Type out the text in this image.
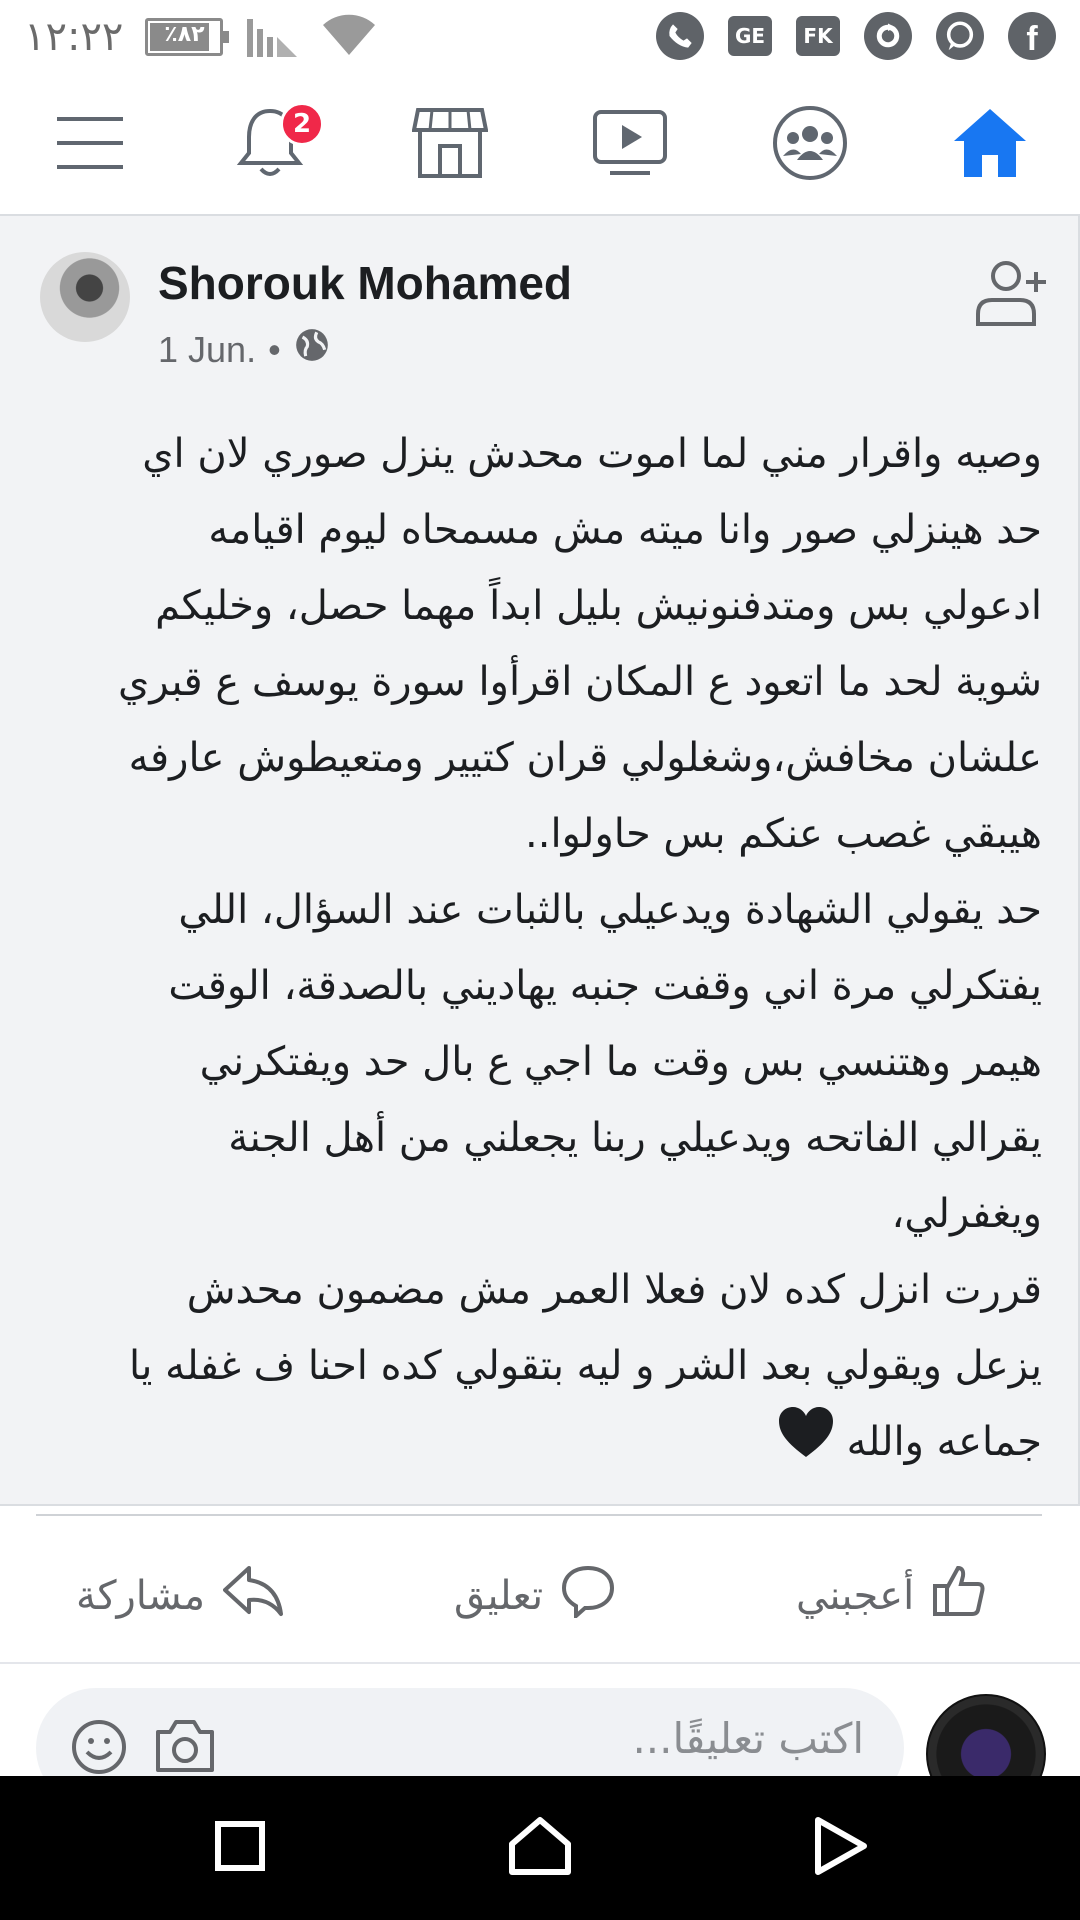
١٢:٢٢	٪٨٢	GE	FK	f
2
Shorouk Mohamed
1 Jun. •

وصيه واقرار مني لما اموت محدش ينزل صوري لان اي

حد هينزلي صور وانا ميته مش مسمحاه ليوم اقيامه

ادعولي بس ومتدفنونيش بليل ابداً مهما حصل، وخليكم

شوية لحد ما اتعود ع المكان اقرأوا سورة يوسف ع قبري

علشان مخافش،وشغلولي قران كتيير ومتعيطوش عارفه

هيبقي غصب عنكم بس حاولوا..

حد يقولي الشهادة ويدعيلي بالثبات عند السؤال، اللي

يفتكرلي مرة اني وقفت جنبه يهاديني بالصدقة، الوقت

هيمر وهتنسي بس وقت ما اجي ع بال حد ويفتكرني

يقرالي الفاتحه ويدعيلي ربنا يجعلني من أهل الجنة

ويغفرلي،

قررت انزل كده لان فعلا العمر مش مضمون محدش

يزعل ويقولي بعد الشر و ليه بتقولي كده احنا ف غفله يا

جماعه والله

أعجبني
تعليق
مشاركة
اكتب تعليقًا...
